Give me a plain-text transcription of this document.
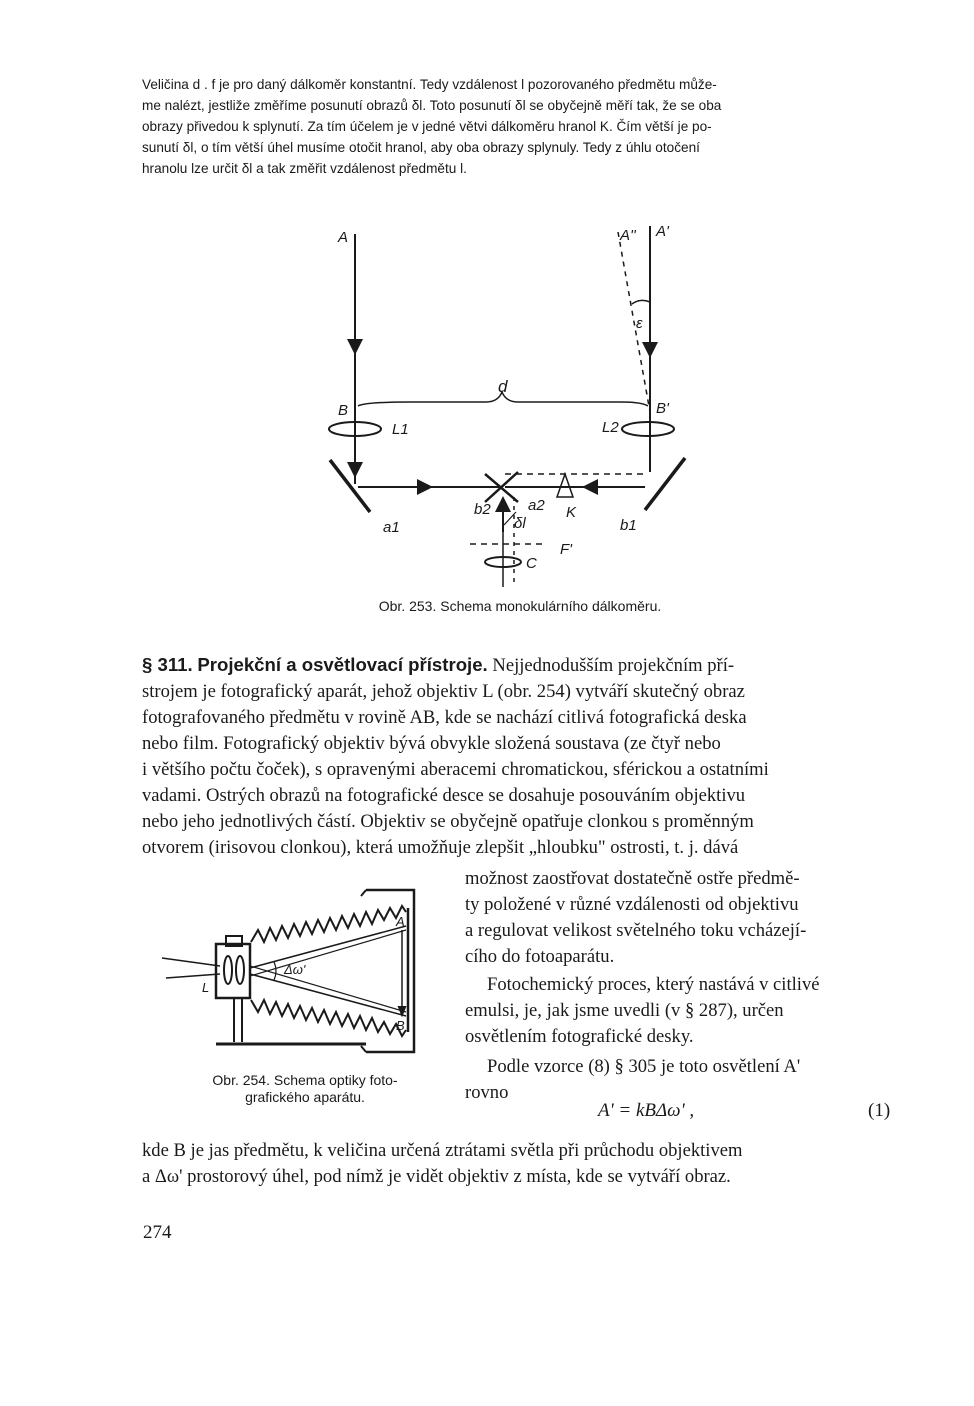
Veličina d . f je pro daný dálkoměr konstantní. Tedy vzdálenost l pozorovaného předmětu může-

me nalézt, jestliže změříme posunutí obrazů δl. Toto posunutí δl se obyčejně měří tak, že se oba

obrazy přivedou k splynutí. Za tím účelem je v jedné větvi dálkoměru hranol K. Čím větší je po-

sunutí δl, o tím větší úhel musíme otočit hranol, aby oba obrazy splynuly. Tedy z úhlu otočení

hranolu lze určit δl a tak změřit vzdálenost předmětu l.

A	A'' A'
ε
d
B	B'
L1	L2
a1	b1
b2 a2
δl
K
F'
C
Obr. 253. Schema monokulárního dálkoměru.

§ 311. Projekční a osvětlovací přístroje. Nejjednodušším projekčním pří-

strojem je fotografický aparát, jehož objektiv L (obr. 254) vytváří skutečný obraz

fotografovaného předmětu v rovině AB, kde se nachází citlivá fotografická deska

nebo film. Fotografický objektiv bývá obvykle složená soustava (ze čtyř nebo

i většího počtu čoček), s opravenými aberacemi chromatickou, sférickou a ostatními

vadami. Ostrých obrazů na fotografické desce se dosahuje posouváním objektivu

nebo jeho jednotlivých částí. Objektiv se obyčejně opatřuje clonkou s proměnným

otvorem (irisovou clonkou), která umožňuje zlepšit „hloubku" ostrosti, t. j. dává

možnost zaostřovat dostatečně ostře předmě-

ty položené v různé vzdálenosti od objektivu

a regulovat velikost světelného toku vcházejí-

cího do fotoaparátu.

Fotochemický proces, který nastává v citlivé

emulsi, je, jak jsme uvedli (v § 287), určen

osvětlením fotografické desky.

Podle vzorce (8) § 305 je toto osvětlení A'

rovno

A
B
L
Δω'
Obr. 254. Schema optiky foto-
grafického aparátu.
A' = kBΔω' ,	(1)

kde B je jas předmětu, k veličina určená ztrátami světla při průchodu objektivem

a Δω' prostorový úhel, pod nímž je vidět objektiv z místa, kde se vytváří obraz.

274
